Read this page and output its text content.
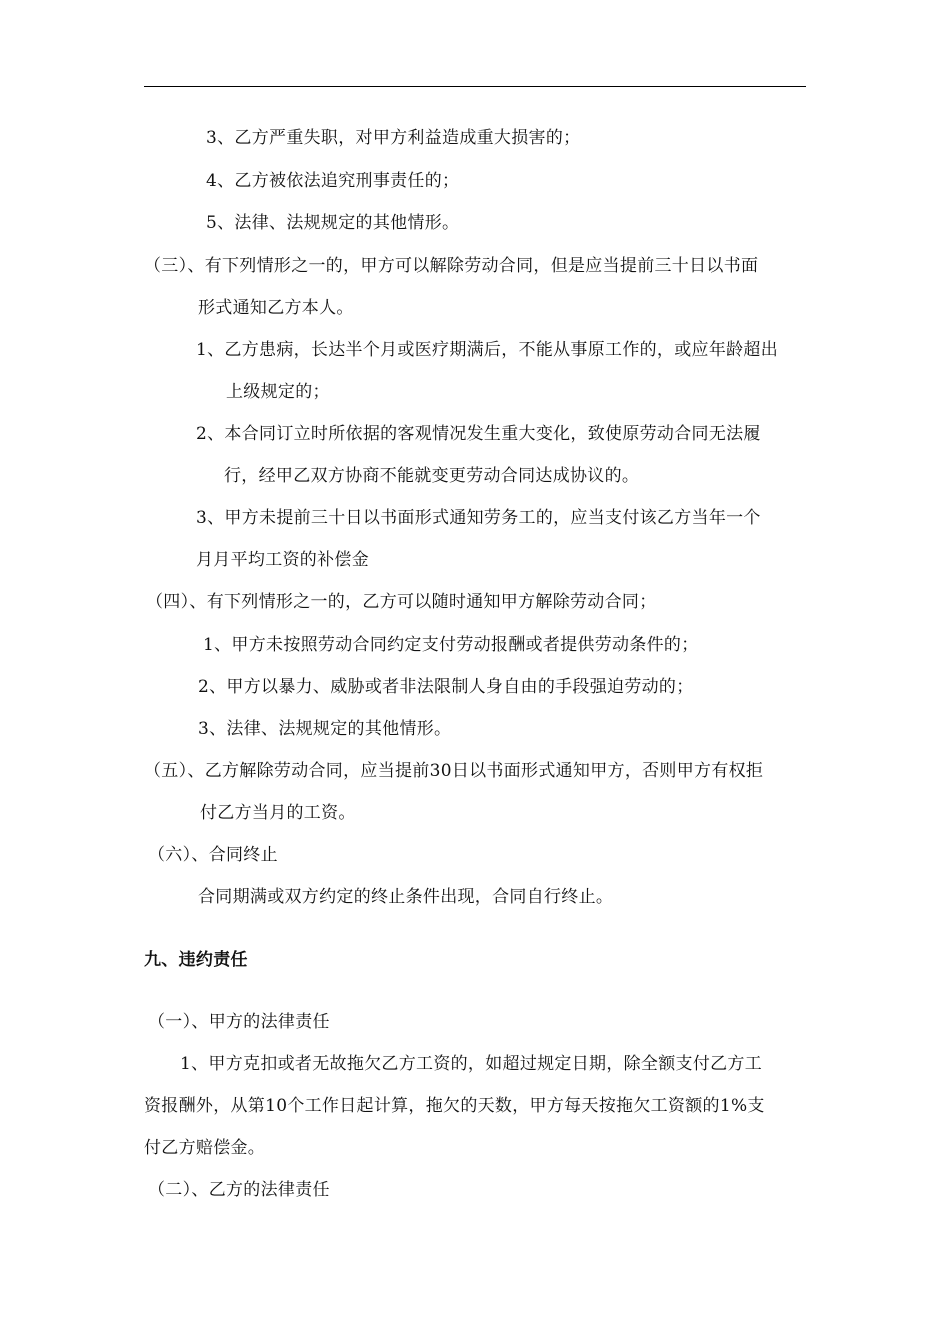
3、乙方严重失职，对甲方利益造成重大损害的；
4、乙方被依法追究刑事责任的；
5、法律、法规规定的其他情形。
（三）、有下列情形之一的，甲方可以解除劳动合同，但是应当提前三十日以书面
形式通知乙方本人。
1、乙方患病，长达半个月或医疗期满后，不能从事原工作的，或应年龄超出
上级规定的；
2、本合同订立时所依据的客观情况发生重大变化，致使原劳动合同无法履
行，经甲乙双方协商不能就变更劳动合同达成协议的。
3、甲方未提前三十日以书面形式通知劳务工的，应当支付该乙方当年一个
月月平均工资的补偿金
（四）、有下列情形之一的，乙方可以随时通知甲方解除劳动合同；
1、甲方未按照劳动合同约定支付劳动报酬或者提供劳动条件的；
2、甲方以暴力、威胁或者非法限制人身自由的手段强迫劳动的；
3、法律、法规规定的其他情形。
（五）、乙方解除劳动合同，应当提前30日以书面形式通知甲方，否则甲方有权拒
付乙方当月的工资。
（六）、合同终止
合同期满或双方约定的终止条件出现，合同自行终止。
九、违约责任
（一）、甲方的法律责任
1、甲方克扣或者无故拖欠乙方工资的，如超过规定日期，除全额支付乙方工
资报酬外，从第10个工作日起计算，拖欠的天数，甲方每天按拖欠工资额的1%支
付乙方赔偿金。
（二）、乙方的法律责任
